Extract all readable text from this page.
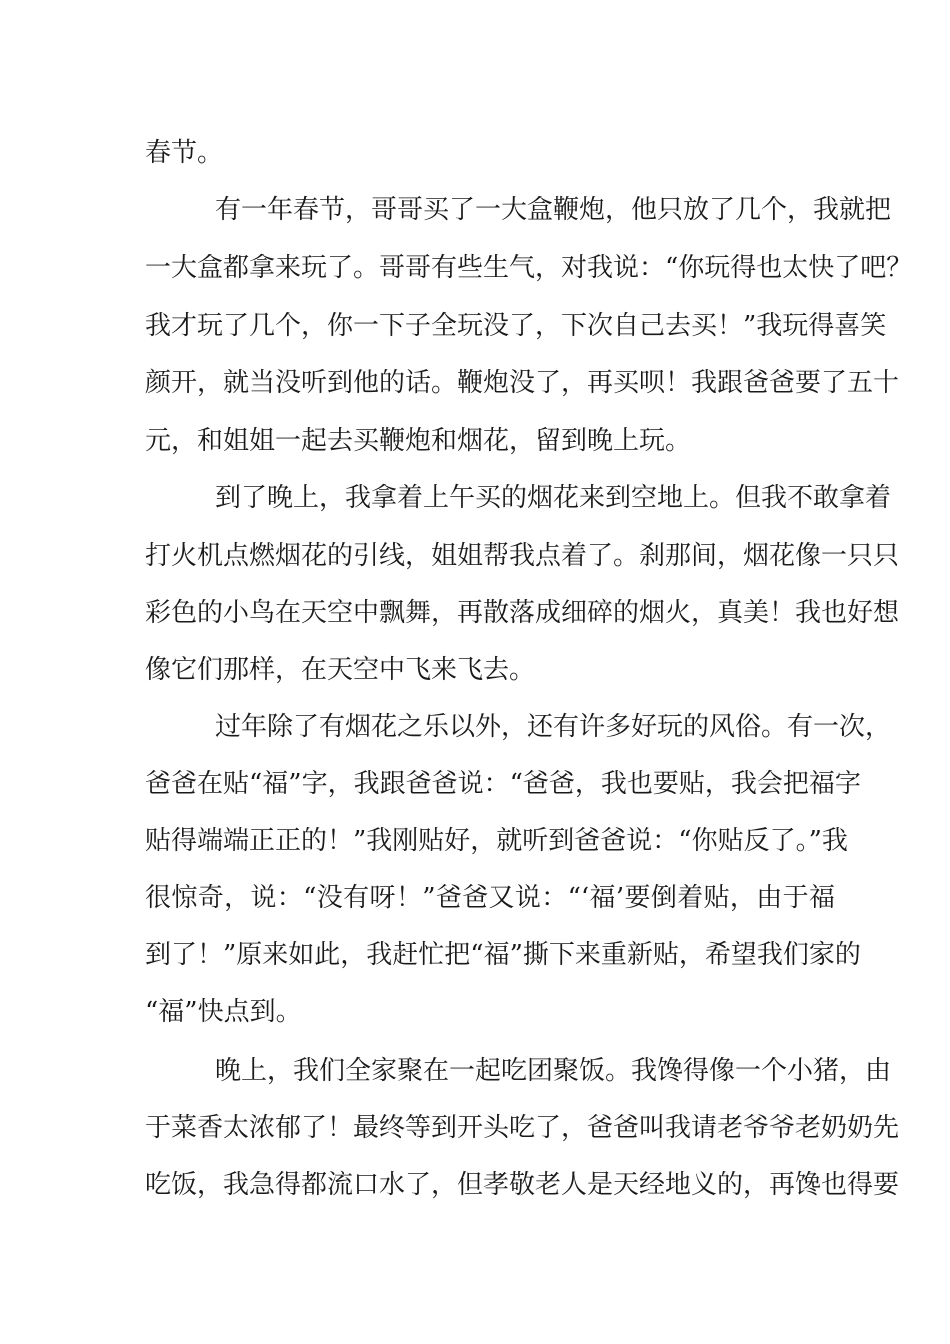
春节。
有一年春节，哥哥买了一大盒鞭炮，他只放了几个，我就把
一大盒都拿来玩了。哥哥有些生气，对我说：“你玩得也太快了吧？
我才玩了几个，你一下子全玩没了，下次自己去买！”我玩得喜笑
颜开，就当没听到他的话。鞭炮没了，再买呗！我跟爸爸要了五十
元，和姐姐一起去买鞭炮和烟花，留到晚上玩。
到了晚上，我拿着上午买的烟花来到空地上。但我不敢拿着
打火机点燃烟花的引线，姐姐帮我点着了。刹那间，烟花像一只只
彩色的小鸟在天空中飘舞，再散落成细碎的烟火，真美！我也好想
像它们那样，在天空中飞来飞去。
过年除了有烟花之乐以外，还有许多好玩的风俗。有一次，
爸爸在贴“福”字，我跟爸爸说：“爸爸，我也要贴，我会把福字
贴得端端正正的！”我刚贴好，就听到爸爸说：“你贴反了。”我
很惊奇，说：“没有呀！”爸爸又说：“‘福’要倒着贴，由于福
到了！”原来如此，我赶忙把“福”撕下来重新贴，希望我们家的
“福”快点到。
晚上，我们全家聚在一起吃团聚饭。我馋得像一个小猪，由
于菜香太浓郁了！最终等到开头吃了，爸爸叫我请老爷爷老奶奶先
吃饭，我急得都流口水了，但孝敬老人是天经地义的，再馋也得要
